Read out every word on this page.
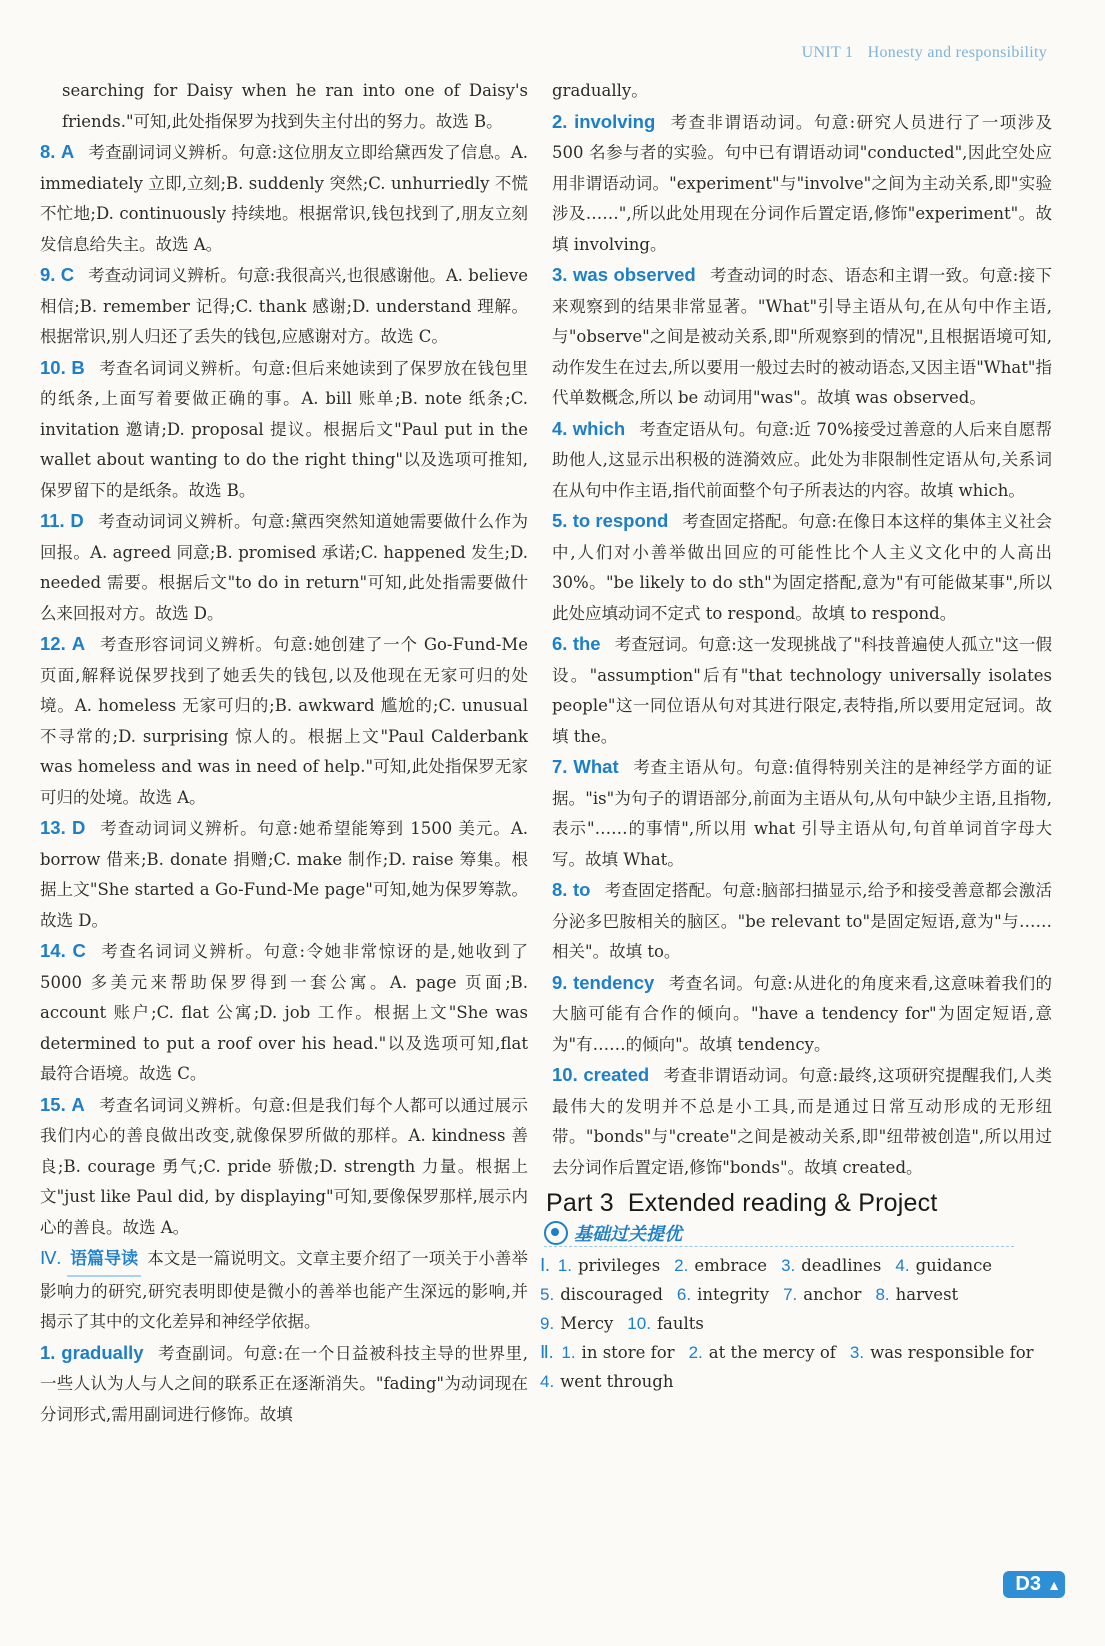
UNIT 1 Honesty and responsibility

searching for Daisy when he ran into one of Daisy's friends."可知,此处指保罗为找到失主付出的努力。故选 B。

8. A 考查副词词义辨析。句意:这位朋友立即给黛西发了信息。A. immediately 立即,立刻;B. suddenly 突然;C. unhurriedly 不慌不忙地;D. continuously 持续地。根据常识,钱包找到了,朋友立刻发信息给失主。故选 A。

9. C 考查动词词义辨析。句意:我很高兴,也很感谢他。A. believe 相信;B. remember 记得;C. thank 感谢;D. understand 理解。根据常识,别人归还了丢失的钱包,应感谢对方。故选 C。

10. B 考查名词词义辨析。句意:但后来她读到了保罗放在钱包里的纸条,上面写着要做正确的事。A. bill 账单;B. note 纸条;C. invitation 邀请;D. proposal 提议。根据后文"Paul put in the wallet about wanting to do the right thing"以及选项可推知,保罗留下的是纸条。故选 B。

11. D 考查动词词义辨析。句意:黛西突然知道她需要做什么作为回报。A. agreed 同意;B. promised 承诺;C. happened 发生;D. needed 需要。根据后文"to do in return"可知,此处指需要做什么来回报对方。故选 D。

12. A 考查形容词词义辨析。句意:她创建了一个 Go-Fund-Me 页面,解释说保罗找到了她丢失的钱包,以及他现在无家可归的处境。A. homeless 无家可归的;B. awkward 尴尬的;C. unusual 不寻常的;D. surprising 惊人的。根据上文"Paul Calderbank was homeless and was in need of help."可知,此处指保罗无家可归的处境。故选 A。

13. D 考查动词词义辨析。句意:她希望能筹到 1500 美元。A. borrow 借来;B. donate 捐赠;C. make 制作;D. raise 筹集。根据上文"She started a Go-Fund-Me page"可知,她为保罗筹款。故选 D。

14. C 考查名词词义辨析。句意:令她非常惊讶的是,她收到了 5000 多美元来帮助保罗得到一套公寓。A. page 页面;B. account 账户;C. flat 公寓;D. job 工作。根据上文"She was determined to put a roof over his head."以及选项可知,flat 最符合语境。故选 C。

15. A 考查名词词义辨析。句意:但是我们每个人都可以通过展示我们内心的善良做出改变,就像保罗所做的那样。A. kindness 善良;B. courage 勇气;C. pride 骄傲;D. strength 力量。根据上文"just like Paul did, by displaying"可知,要像保罗那样,展示内心的善良。故选 A。

Ⅳ. 语篇导读 本文是一篇说明文。文章主要介绍了一项关于小善举影响力的研究,研究表明即使是微小的善举也能产生深远的影响,并揭示了其中的文化差异和神经学依据。

1. gradually 考查副词。句意:在一个日益被科技主导的世界里,一些人认为人与人之间的联系正在逐渐消失。"fading"为动词现在分词形式,需用副词进行修饰。故填

gradually。

2. involving 考查非谓语动词。句意:研究人员进行了一项涉及 500 名参与者的实验。句中已有谓语动词"conducted",因此空处应用非谓语动词。"experiment"与"involve"之间为主动关系,即"实验涉及……",所以此处用现在分词作后置定语,修饰"experiment"。故填 involving。

3. was observed 考查动词的时态、语态和主谓一致。句意:接下来观察到的结果非常显著。"What"引导主语从句,在从句中作主语,与"observe"之间是被动关系,即"所观察到的情况",且根据语境可知,动作发生在过去,所以要用一般过去时的被动语态,又因主语"What"指代单数概念,所以 be 动词用"was"。故填 was observed。

4. which 考查定语从句。句意:近 70%接受过善意的人后来自愿帮助他人,这显示出积极的涟漪效应。此处为非限制性定语从句,关系词在从句中作主语,指代前面整个句子所表达的内容。故填 which。

5. to respond 考查固定搭配。句意:在像日本这样的集体主义社会中,人们对小善举做出回应的可能性比个人主义文化中的人高出 30%。"be likely to do sth"为固定搭配,意为"有可能做某事",所以此处应填动词不定式 to respond。故填 to respond。

6. the 考查冠词。句意:这一发现挑战了"科技普遍使人孤立"这一假设。"assumption"后有"that technology universally isolates people"这一同位语从句对其进行限定,表特指,所以要用定冠词。故填 the。

7. What 考查主语从句。句意:值得特别关注的是神经学方面的证据。"is"为句子的谓语部分,前面为主语从句,从句中缺少主语,且指物,表示"……的事情",所以用 what 引导主语从句,句首单词首字母大写。故填 What。

8. to 考查固定搭配。句意:脑部扫描显示,给予和接受善意都会激活分泌多巴胺相关的脑区。"be relevant to"是固定短语,意为"与……相关"。故填 to。

9. tendency 考查名词。句意:从进化的角度来看,这意味着我们的大脑可能有合作的倾向。"have a tendency for"为固定短语,意为"有……的倾向"。故填 tendency。

10. created 考查非谓语动词。句意:最终,这项研究提醒我们,人类最伟大的发明并不总是小工具,而是通过日常互动形成的无形纽带。"bonds"与"create"之间是被动关系,即"纽带被创造",所以用过去分词作后置定语,修饰"bonds"。故填 created。

Part 3 Extended reading & Project
基础过关提优
Ⅰ. 1. privileges 2. embrace 3. deadlines 4. guidance5. discouraged 6. integrity 7. anchor 8. harvest9. Mercy 10. faults
Ⅱ. 1. in store for 2. at the mercy of 3. was responsible for4. went through
D3 ▲
